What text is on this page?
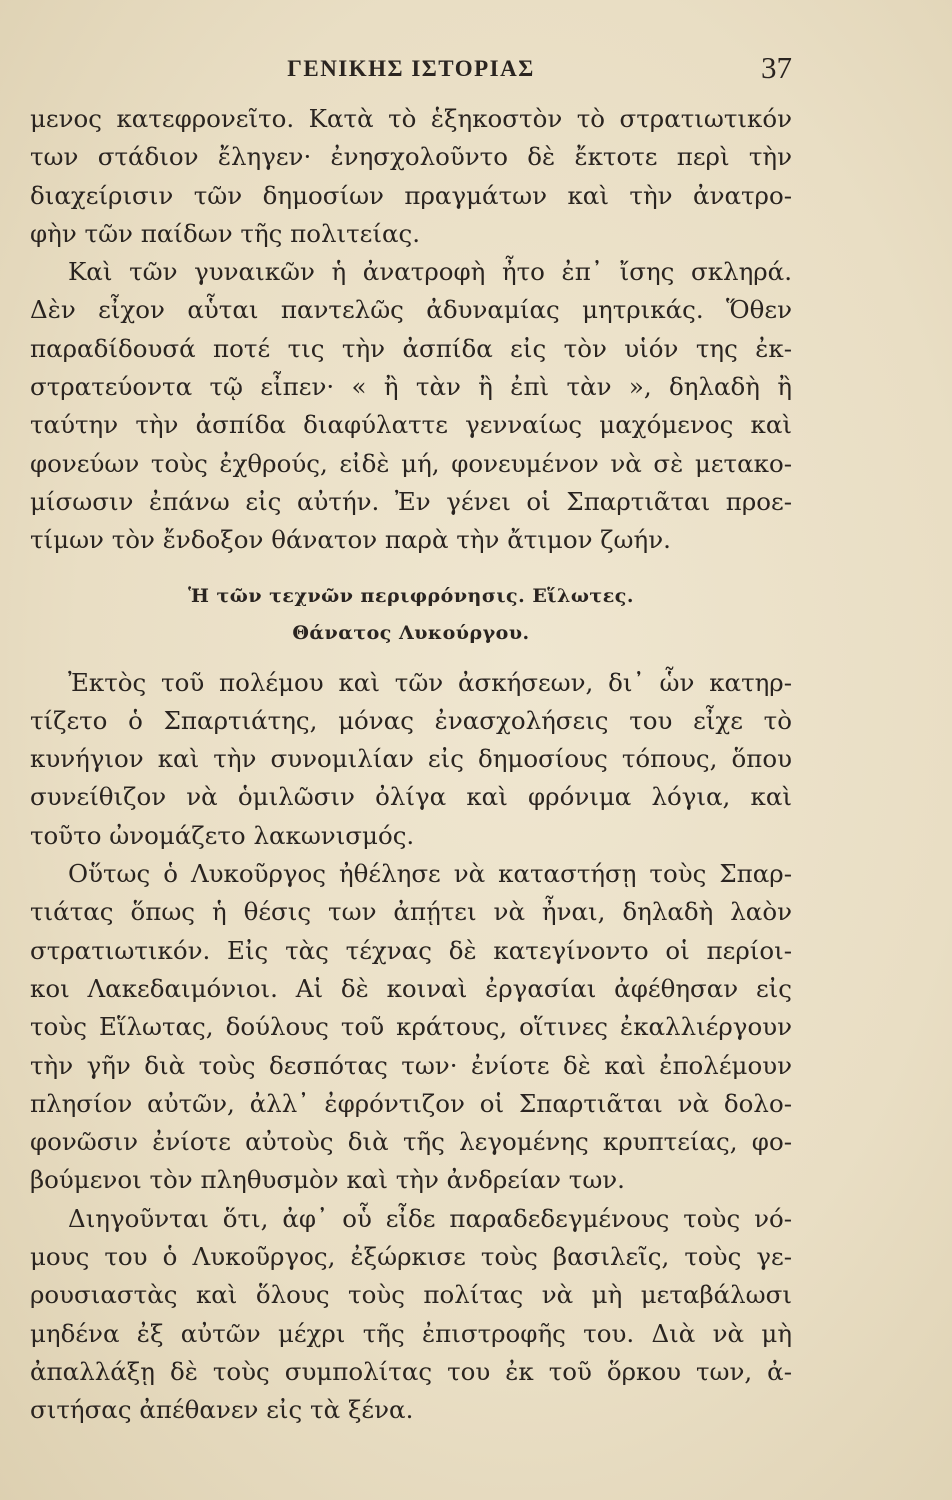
ΓΕΝΙΚΗΣ ΙΣΤΟΡΙΑΣ	37
μενος κατεφρονεῖτο. Κατὰ τὸ ἑξηκοστὸν τὸ στρατιωτικόν
των στάδιον ἔληγεν· ἐνησχολοῦντο δὲ ἔκτοτε περὶ τὴν
διαχείρισιν τῶν δημοσίων πραγμάτων καὶ τὴν ἀνατρο-
φὴν τῶν παίδων τῆς πολιτείας.
Καὶ τῶν γυναικῶν ἡ ἀνατροφὴ ἦτο ἐπ᾽ ἴσης σκληρά.
Δὲν εἶχον αὗται παντελῶς ἀδυναμίας μητρικάς. Ὅθεν
παραδίδουσά ποτέ τις τὴν ἀσπίδα εἰς τὸν υἱόν της ἐκ-
στρατεύοντα τῷ εἶπεν· « ἢ τὰν ἢ ἐπὶ τὰν », δηλαδὴ ἢ
ταύτην τὴν ἀσπίδα διαφύλαττε γενναίως μαχόμενος καὶ
φονεύων τοὺς ἐχθρούς, εἰδὲ μή, φονευμένον νὰ σὲ μετακο-
μίσωσιν ἐπάνω εἰς αὐτήν. Ἐν γένει οἱ Σπαρτιᾶται προε-
τίμων τὸν ἔνδοξον θάνατον παρὰ τὴν ἄτιμον ζωήν.
Ἡ τῶν τεχνῶν περιφρόνησις. Εἵλωτες.
Θάνατος Λυκούργου.
Ἐκτὸς τοῦ πολέμου καὶ τῶν ἀσκήσεων, δι᾽ ὧν κατηρ-
τίζετο ὁ Σπαρτιάτης, μόνας ἐνασχολήσεις του εἶχε τὸ
κυνήγιον καὶ τὴν συνομιλίαν εἰς δημοσίους τόπους, ὅπου
συνείθιζον νὰ ὁμιλῶσιν ὀλίγα καὶ φρόνιμα λόγια, καὶ
τοῦτο ὠνομάζετο λακωνισμός.
Οὕτως ὁ Λυκοῦργος ἠθέλησε νὰ καταστήσῃ τοὺς Σπαρ-
τιάτας ὅπως ἡ θέσις των ἀπῄτει νὰ ἦναι, δηλαδὴ λαὸν
στρατιωτικόν. Εἰς τὰς τέχνας δὲ κατεγίνοντο οἱ περίοι-
κοι Λακεδαιμόνιοι. Αἱ δὲ κοιναὶ ἐργασίαι ἀφέθησαν εἰς
τοὺς Εἵλωτας, δούλους τοῦ κράτους, οἵτινες ἐκαλλιέργουν
τὴν γῆν διὰ τοὺς δεσπότας των· ἐνίοτε δὲ καὶ ἐπολέμουν
πλησίον αὐτῶν, ἀλλ᾽ ἐφρόντιζον οἱ Σπαρτιᾶται νὰ δολο-
φονῶσιν ἐνίοτε αὐτοὺς διὰ τῆς λεγομένης κρυπτείας, φο-
βούμενοι τὸν πληθυσμὸν καὶ τὴν ἀνδρείαν των.
Διηγοῦνται ὅτι, ἀφ᾽ οὗ εἶδε παραδεδεγμένους τοὺς νό-
μους του ὁ Λυκοῦργος, ἐξώρκισε τοὺς βασιλεῖς, τοὺς γε-
ρουσιαστὰς καὶ ὅλους τοὺς πολίτας νὰ μὴ μεταβάλωσι
μηδένα ἐξ αὐτῶν μέχρι τῆς ἐπιστροφῆς του. Διὰ νὰ μὴ
ἀπαλλάξῃ δὲ τοὺς συμπολίτας του ἐκ τοῦ ὅρκου των, ἀ-
σιτήσας ἀπέθανεν εἰς τὰ ξένα.
